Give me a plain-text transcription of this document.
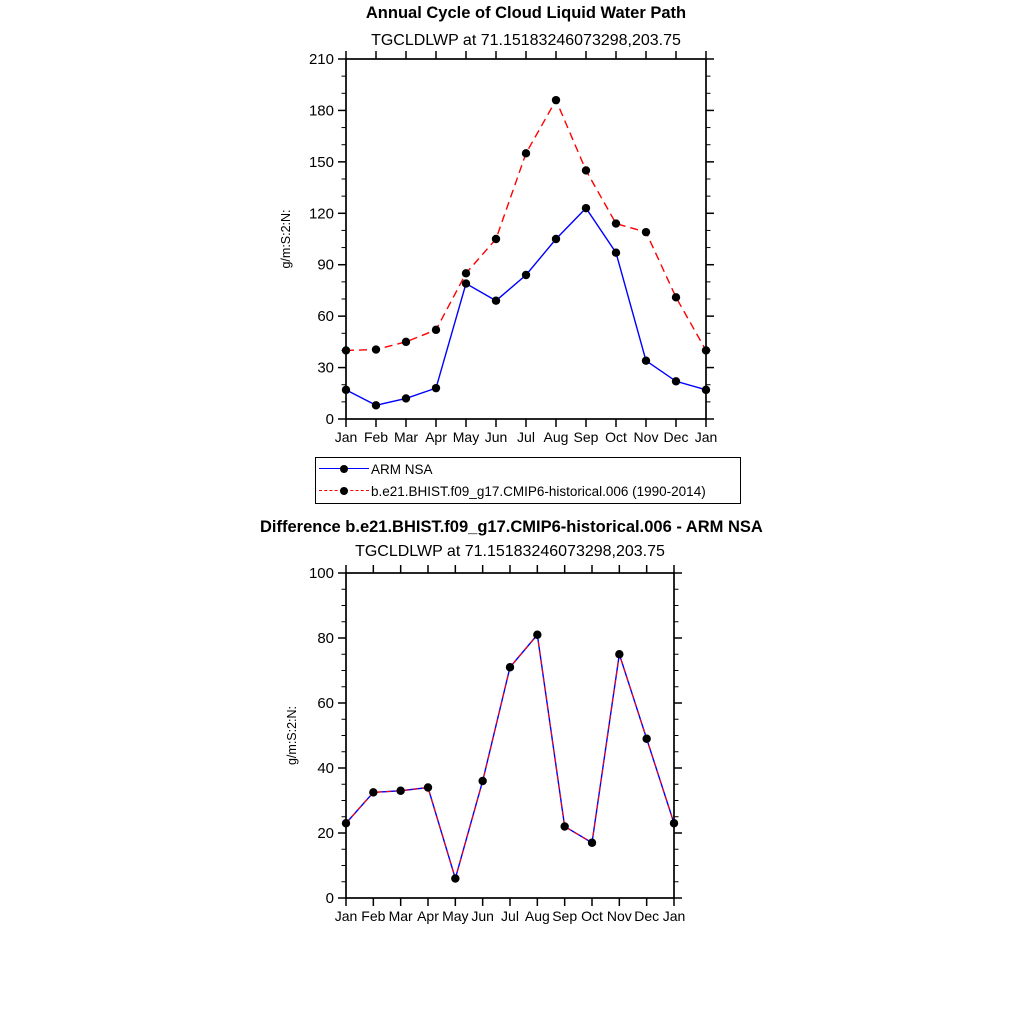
Annual Cycle of Cloud Liquid Water Path
TGCLDLWP at 71.15183246073298,203.75
0
30
60
90
120
150
180
210
Jan Feb Mar Apr May Jun Jul Aug Sep Oct Nov Dec Jan
g/m:S:2:N:
ARM NSA
b.e21.BHIST.f09_g17.CMIP6-historical.006 (1990-2014)
Difference b.e21.BHIST.f09_g17.CMIP6-historical.006 - ARM NSA
TGCLDLWP at 71.15183246073298,203.75
0
20
40
60
80
100
Jan Feb Mar Apr May Jun Jul Aug Sep Oct Nov Dec Jan
g/m:S:2:N:
